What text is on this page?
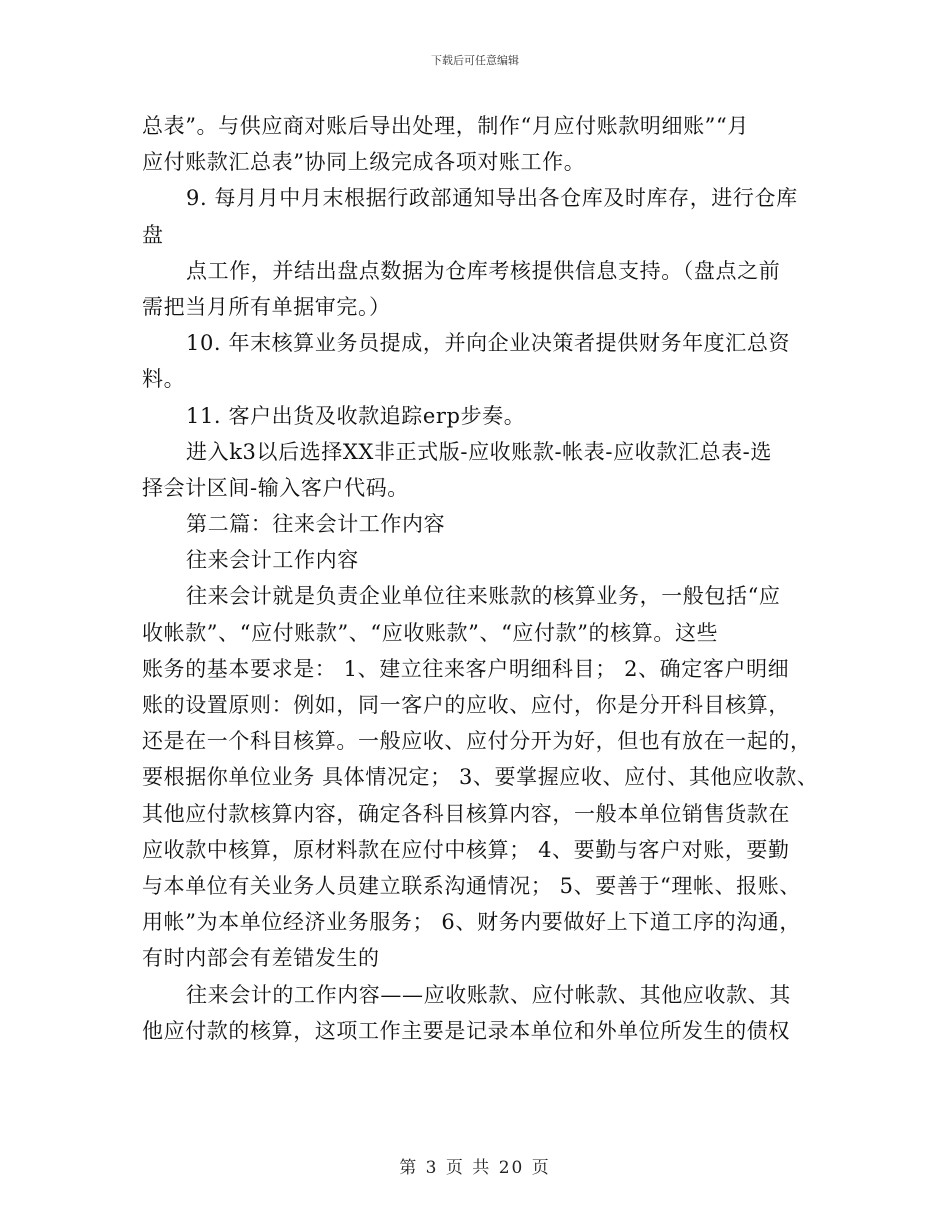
下载后可任意编辑
总表”。与供应商对账后导出处理，制作“月应付账款明细账”“月
应付账款汇总表”协同上级完成各项对账工作。
9. 每月月中月末根据行政部通知导出各仓库及时库存，进行仓库
盘
点工作，并结出盘点数据为仓库考核提供信息支持。（盘点之前
需把当月所有单据审完。）
10. 年末核算业务员提成，并向企业决策者提供财务年度汇总资
料。
11. 客户出货及收款追踪erp步奏。
进入k3以后选择XX非正式版-应收账款-帐表-应收款汇总表-选
择会计区间-输入客户代码。
第二篇：往来会计工作内容
往来会计工作内容
往来会计就是负责企业单位往来账款的核算业务，一般包括“应
收帐款”、“应付账款”、“应收账款”、“应付款”的核算。这些
账务的基本要求是： 1、建立往来客户明细科目； 2、确定客户明细
账的设置原则：例如，同一客户的应收、应付，你是分开科目核算，
还是在一个科目核算。一般应收、应付分开为好，但也有放在一起的，
要根据你单位业务 具体情况定； 3、要掌握应收、应付、其他应收款、
其他应付款核算内容，确定各科目核算内容，一般本单位销售货款在
应收款中核算，原材料款在应付中核算； 4、要勤与客户对账，要勤
与本单位有关业务人员建立联系沟通情况； 5、要善于“理帐、报账、
用帐”为本单位经济业务服务； 6、财务内要做好上下道工序的沟通，
有时内部会有差错发生的
往来会计的工作内容——应收账款、应付帐款、其他应收款、其
他应付款的核算，这项工作主要是记录本单位和外单位所发生的债权
第 3 页 共 20 页
